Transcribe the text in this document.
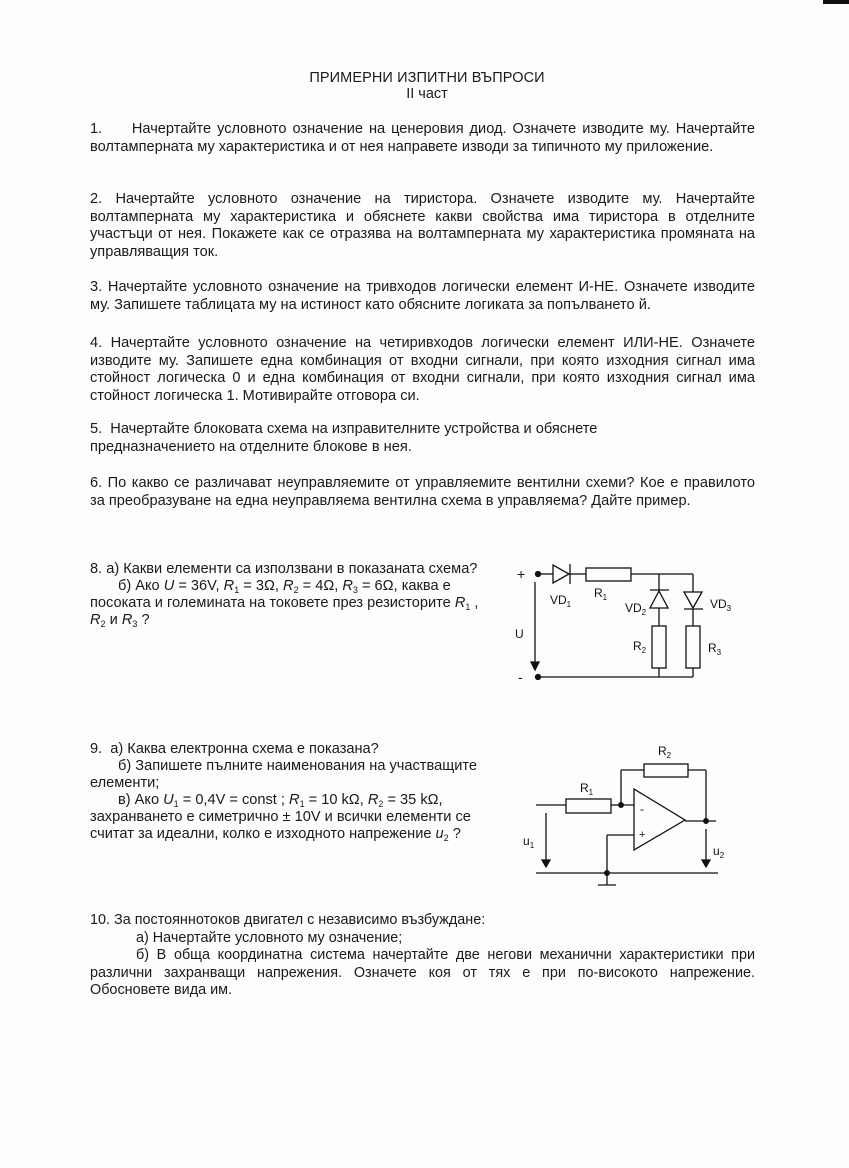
ПРИМЕРНИ ИЗПИТНИ ВЪПРОСИ
II част

1. Начертайте условното означение на ценеровия диод. Означете изводите му. Начертайте волтамперната му характеристика и от нея направете изводи за типичното му приложение.

2. Начертайте условното означение на тиристора. Означете изводите му. Начертайте волтамперната му характеристика и обяснете какви свойства има тиристора в отделните участъци от нея. Покажете как се отразява на волтамперната му характеристика промяната на управляващия ток.

3. Начертайте условното означение на тривходов логически елемент И-НЕ. Означете изводите му. Запишете таблицата му на истиност като обясните логиката за попълването й.

4. Начертайте условното означение на четиривходов логически елемент ИЛИ-НЕ. Означете изводите му. Запишете една комбинация от входни сигнали, при която изходния сигнал има стойност логическа 0 и една комбинация от входни сигнали, при която изходния сигнал има стойност логическа 1. Мотивирайте отговора си.

5. Начертайте блоковата схема на изправителните устройства и обяснете предназначението на отделните блокове в нея.

6. По какво се различават неуправляемите от управляемите вентилни схеми? Кое е правилото за преобразуване на една неуправляема вентилна схема в управляема? Дайте пример.

8. а) Какви елементи са използвани в показаната схема?

б) Ако U = 36V, $R_1 = 3\Omega$, $R_2 = 4\Omega$, $R_3 = 6\Omega$, каква е

посоката и големината на токовете през резисторите $R_1$ ,

$R_2$ и $R_3$ ?

+
-
U
$VD_1$
$R_1$
$VD_2$
$VD_3$
$R_2$	$R_3$

9. а) Каква електронна схема е показана?

б) Запишете пълните наименования на участващите

елементи;

в) Ако $U_1 = 0,4V$ = const ; $R_1 = 10$ kΩ, $R_2 = 35$ kΩ,

захранването е симетрично ± 10V и всички елементи се

считат за идеални, колко е изходното напрежение $u_2$ ?

$R_1$
$R_2$
$u_1$	$u_2$
-
+

10. За постояннотоков двигател с независимо възбуждане:

а) Начертайте условното му означение;

б) В обща координатна система начертайте две негови механични характеристики при различни захранващи напрежения. Означете коя от тях е при по-високото напрежение. Обосновете вида им.
